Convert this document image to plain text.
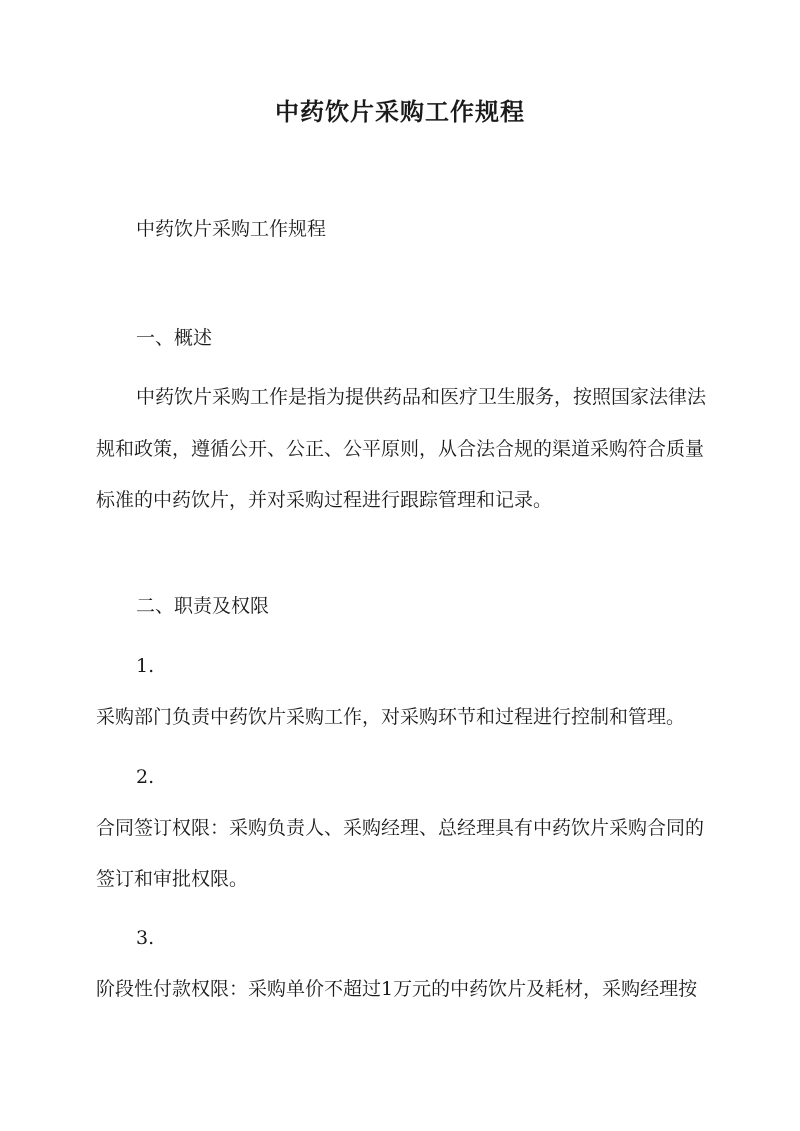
中药饮片采购工作规程
中药饮片采购工作规程
一、概述
中药饮片采购工作是指为提供药品和医疗卫生服务，按照国家法律法
规和政策，遵循公开、公正、公平原则，从合法合规的渠道采购符合质量
标准的中药饮片，并对采购过程进行跟踪管理和记录。
二、职责及权限
1.
采购部门负责中药饮片采购工作，对采购环节和过程进行控制和管理。
2.
合同签订权限：采购负责人、采购经理、总经理具有中药饮片采购合同的
签订和审批权限。
3.
阶段性付款权限：采购单价不超过1万元的中药饮片及耗材，采购经理按
